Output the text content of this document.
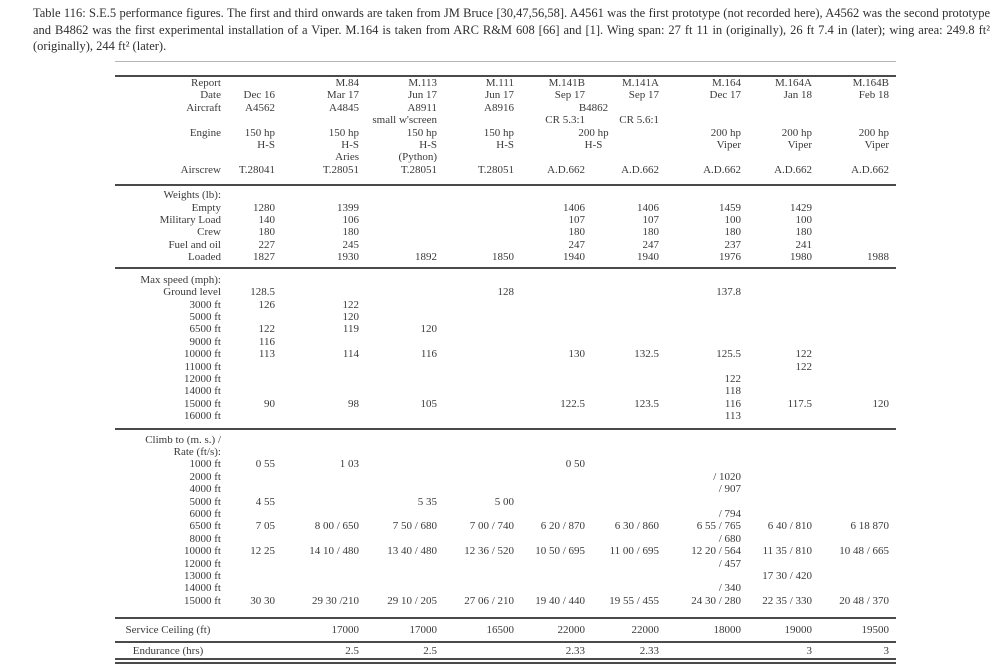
Table 116: S.E.5 performance figures. The first and third onwards are taken from JM Bruce [30,47,56,58]. A4561 was the first prototype (not recorded here), A4562 was the second prototype and B4862 was the first experimental installation of a Viper. M.164 is taken from ARC R&M 608 [66] and [1]. Wing span: 27 ft 11 in (originally), 26 ft 7.4 in (later); wing area: 249.8 ft² (originally), 244 ft² (later).
Report		M.84	M.113	M.111	M.141B	M.141A	M.164	M.164A	M.164B
Date	Dec 16	Mar 17	Jun 17	Jun 17	Sep 17	Sep 17	Dec 17	Jan 18	Feb 18
Aircraft	A4562	A4845	A8911	A8916	B4862				
			small w'screen		CR 5.3:1	CR 5.6:1			
Engine	150 hp	150 hp	150 hp	150 hp	200 hp		200 hp	200 hp	200 hp
	H-S	H-S	H-S	H-S	H-S		Viper	Viper	Viper
		Aries	(Python)						
Airscrew	T.28041	T.28051	T.28051	T.28051	A.D.662	A.D.662	A.D.662	A.D.662	A.D.662
Weights (lb):									
Empty	1280	1399			1406	1406	1459	1429	
Military Load	140	106			107	107	100	100	
Crew	180	180			180	180	180	180	
Fuel and oil	227	245			247	247	237	241	
Loaded	1827	1930	1892	1850	1940	1940	1976	1980	1988
Max speed (mph):									
Ground level	128.5			128			137.8		
3000 ft	126	122							
5000 ft		120							
6500 ft	122	119	120						
9000 ft	116								
10000 ft	113	114	116		130	132.5	125.5	122	
11000 ft								122	
12000 ft							122		
14000 ft							118		
15000 ft	90	98	105		122.5	123.5	116	117.5	120
16000 ft							113		
Climb to (m. s.) /									
Rate (ft/s):									
1000 ft	0 55	1 03			0 50				
2000 ft							/ 1020		
4000 ft							/ 907		
5000 ft	4 55		5 35	5 00					
6000 ft							/ 794		
6500 ft	7 05	8 00 / 650	7 50 / 680	7 00 / 740	6 20 / 870	6 30 / 860	6 55 / 765	6 40 / 810	6 18 870
8000 ft							/ 680		
10000 ft	12 25	14 10 / 480	13 40 / 480	12 36 / 520	10 50 / 695	11 00 / 695	12 20 / 564	11 35 / 810	10 48 / 665
12000 ft							/ 457		
13000 ft								17 30 / 420	
14000 ft							/ 340		
15000 ft	30 30	29 30 /210	29 10 / 205	27 06 / 210	19 40 / 440	19 55 / 455	24 30 / 280	22 35 / 330	20 48 / 370
Service Ceiling (ft)		17000	17000	16500	22000	22000	18000	19000	19500
Endurance (hrs)		2.5	2.5		2.33	2.33		3	3
